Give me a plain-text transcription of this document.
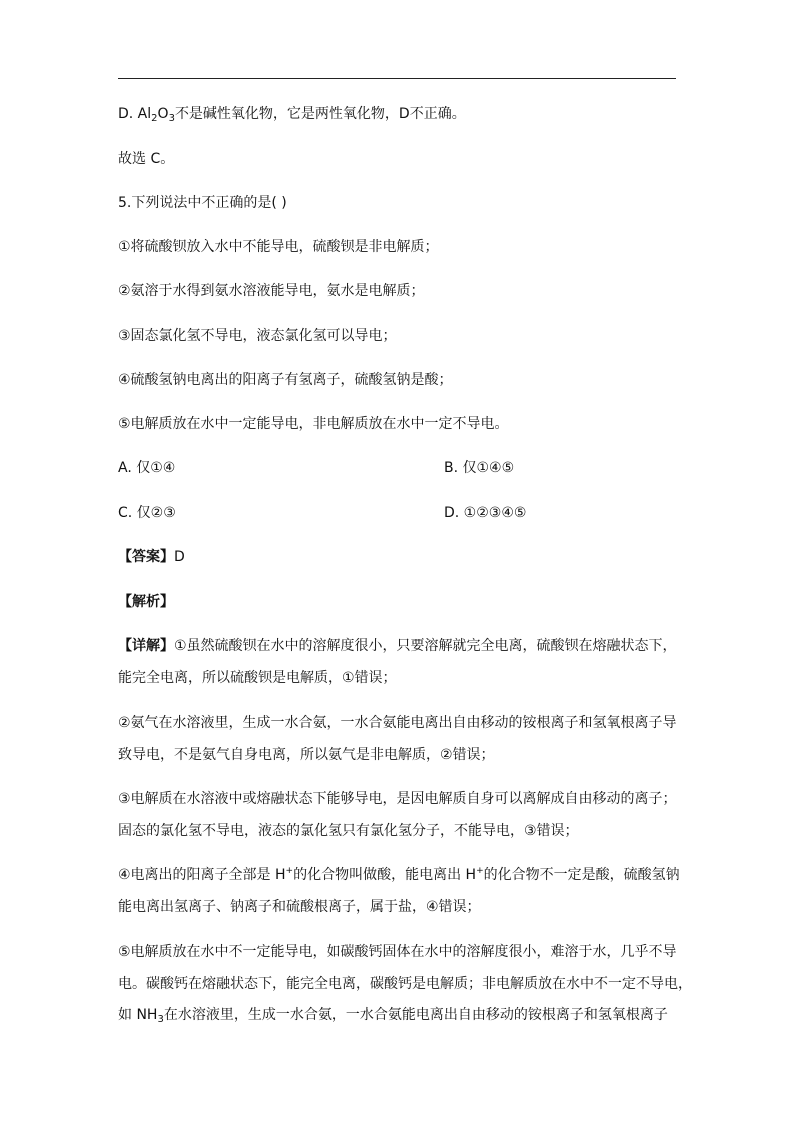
D. $Al_2O_3$不是碱性氧化物，它是两性氧化物，D不正确。
故选 C。
5.下列说法中不正确的是( )
①将硫酸钡放入水中不能导电，硫酸钡是非电解质；
②氨溶于水得到氨水溶液能导电，氨水是电解质；
③固态氯化氢不导电，液态氯化氢可以导电；
④硫酸氢钠电离出的阳离子有氢离子，硫酸氢钠是酸；
⑤电解质放在水中一定能导电，非电解质放在水中一定不导电。
A. 仅①④	B. 仅①④⑤
C. 仅②③	D. ①②③④⑤
【答案】D
【解析】
【详解】①虽然硫酸钡在水中的溶解度很小，只要溶解就完全电离，硫酸钡在熔融状态下，
能完全电离，所以硫酸钡是电解质，①错误；
②氨气在水溶液里，生成一水合氨，一水合氨能电离出自由移动的铵根离子和氢氧根离子导
致导电，不是氨气自身电离，所以氨气是非电解质，②错误；
③电解质在水溶液中或熔融状态下能够导电，是因电解质自身可以离解成自由移动的离子；
固态的氯化氢不导电，液态的氯化氢只有氯化氢分子，不能导电，③错误；
④电离出的阳离子全部是 H+的化合物叫做酸，能电离出 H+的化合物不一定是酸，硫酸氢钠
能电离出氢离子、钠离子和硫酸根离子，属于盐，④错误；
⑤电解质放在水中不一定能导电，如碳酸钙固体在水中的溶解度很小，难溶于水，几乎不导
电。碳酸钙在熔融状态下，能完全电离，碳酸钙是电解质；非电解质放在水中不一定不导电，
如 $NH_3$在水溶液里，生成一水合氨，一水合氨能电离出自由移动的铵根离子和氢氧根离子
